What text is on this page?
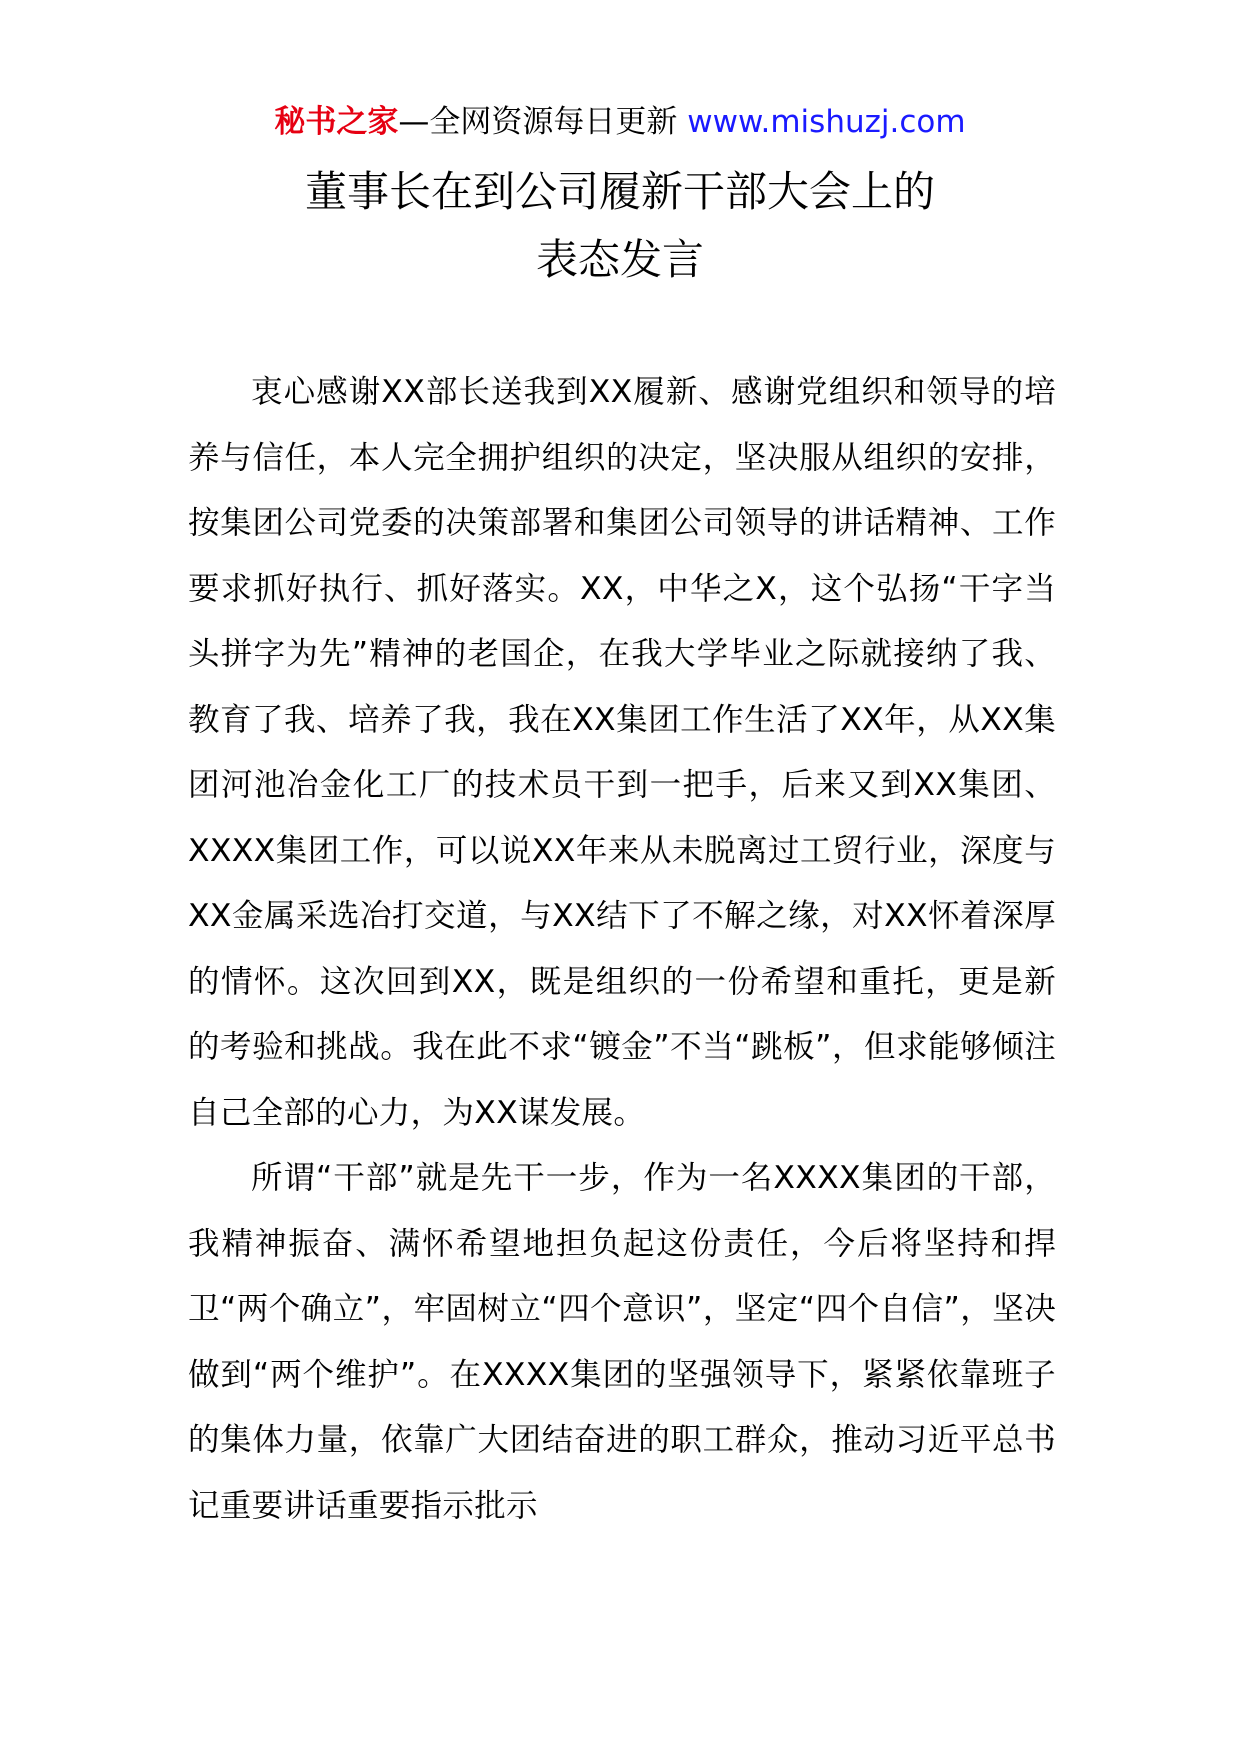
秘书之家—全网资源每日更新 www.mishuzj.com
董事长在到公司履新干部大会上的
表态发言

衷心感谢XX部长送我到XX履新、感谢党组织和领导的培养与信任，本人完全拥护组织的决定，坚决服从组织的安排，按集团公司党委的决策部署和集团公司领导的讲话精神、工作要求抓好执行、抓好落实。XX，中华之X，这个弘扬“干字当头拼字为先”精神的老国企，在我大学毕业之际就接纳了我、教育了我、培养了我，我在XX集团工作生活了XX年，从XX集团河池冶金化工厂的技术员干到一把手，后来又到XX集团、XXXX集团工作，可以说XX年来从未脱离过工贸行业，深度与XX金属采选冶打交道，与XX结下了不解之缘，对XX怀着深厚的情怀。这次回到XX，既是组织的一份希望和重托，更是新的考验和挑战。我在此不求“镀金”不当“跳板”，但求能够倾注自己全部的心力，为XX谋发展。

所谓“干部”就是先干一步，作为一名XXXX集团的干部，我精神振奋、满怀希望地担负起这份责任，今后将坚持和捍卫“两个确立”，牢固树立“四个意识”，坚定“四个自信”，坚决做到“两个维护”。在XXXX集团的坚强领导下，紧紧依靠班子的集体力量，依靠广大团结奋进的职工群众，推动习近平总书记重要讲话重要指示批示
